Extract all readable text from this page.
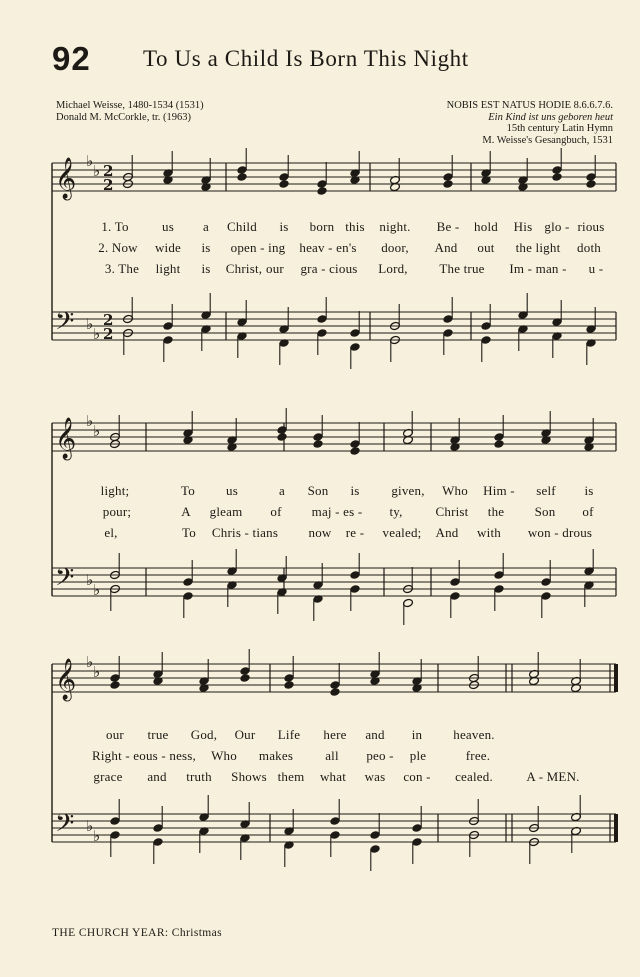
92 To Us a Child Is Born This Night
Michael Weisse, 1480-1534 (1531)
Donald M. McCorkle, tr. (1963)
NOBIS EST NATUS HODIE 8.6.6.7.6.
Ein Kind ist uns geboren heut
15th century Latin Hymn
M. Weisse's Gesangbuch, 1531
𝄞
𝄢
♭
♭
♭
♭
2
2
2
2
𝄞
𝄢
♭
♭
♭
♭
𝄞
𝄢
♭
♭
♭
♭
1. To	us a Child is born this night. Be - hold His glo - rious
2. Now wide is open - ing heav - en's door, And out the light doth
3. The light is Christ, our gra - cious Lord, The true Im - man - u -
light;	To us	a Son is given, Who Him - self is
pour;	A gleam of maj - es - ty,	Christ the Son of
el,	To Chris - tians now re - vealed; And with won - drous
our true God, Our Life here and in heaven.
Right - eous - ness, Who makes all peo - ple	free.
grace and truth Shows them what was con - cealed.	A - MEN.
THE CHURCH YEAR: Christmas
